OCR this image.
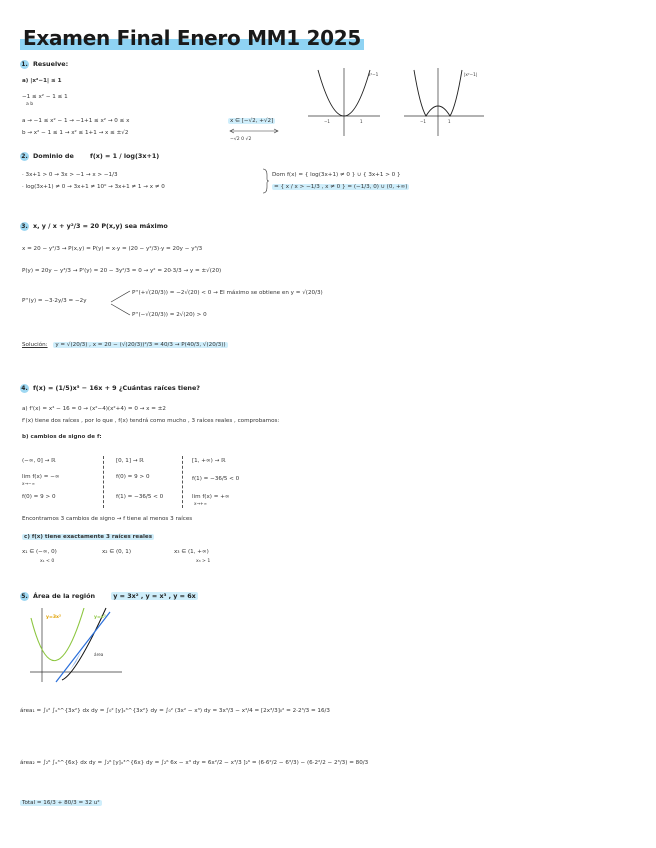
Examen Final Enero MM1 2025
1. Resuelve:
a) |x²−1| ≤ 1
−1 ≤ x² − 1 ≤ 1
a b
a → −1 ≤ x² − 1 → −1+1 ≤ x² → 0 ≤ x
b → x² − 1 ≤ 1 → x² ≤ 1+1 → x ≤ ±√2
x ∈ [−√2, +√2]
−√2 0 √2
−1	1
x²−1
−1	1
|x²−1|
2. Dominio de	f(x) = 1 / log(3x+1)
· 3x+1 > 0 → 3x > −1 → x > −1/3
· log(3x+1) ≠ 0 → 3x+1 ≠ 10⁰ → 3x+1 ≠ 1 → x ≠ 0
Dom f(x) = { log(3x+1) ≠ 0 } ∪ { 3x+1 > 0 }
= { x / x > −1/3 , x ≠ 0 } = (−1/3, 0) ∪ (0, +∞)
3. x, y / x + y²/3 = 20 P(x,y) sea máximo
x = 20 − y²/3 → P(x,y) = P(y) = x·y = (20 − y²/3)·y = 20y − y³/3
P(y) = 20y − y³/3 → P'(y) = 20 − 3y²/3 = 0 → y² = 20·3/3 → y = ±√(20)
P''(y) = −3·2y/3 = −2y
P''(+√(20/3)) = −2√(20) < 0 → El máximo se obtiene en y = √(20/3)
P''(−√(20/3)) = 2√(20) > 0
Solución: y = √(20/3) , x = 20 − (√(20/3))²/3 = 40/3 → P(40/3, √(20/3))
4. f(x) = (1/5)x⁵ − 16x + 9 ¿Cuántas raíces tiene?
a) f'(x) = x⁴ − 16 = 0 → (x²−4)(x²+4) = 0 → x = ±2
f'(x) tiene dos raíces , por lo que , f(x) tendrá como mucho , 3 raíces reales , comprobamos:
b) cambios de signo de f:
(−∞, 0] → ℝ
lim f(x) = −∞
x→−∞
f(0) = 9 > 0
[0, 1] → ℝ
f(0) = 9 > 0
f(1) = −36/5 < 0
[1, +∞) → ℝ
f(1) = −36/5 < 0
lim f(x) = +∞
x→+∞
Encontramos 3 cambios de signo → f tiene al menos 3 raíces
c) f(x) tiene exactamente 3 raíces reales
x₁ ∈ (−∞, 0)
x₁ < 0
x₂ ∈ (0, 1)	x₃ ∈ (1, +∞)
x₃ > 1
5. Área de la región	y = 3x² , y = x³ , y = 6x
y=3x²	y=x³
área
área₁ = ∫₀² ∫ₓ³^{3x²} dx dy = ∫₀² [y]ₓ³^{3x²} dy = ∫₀² (3x² − x³) dy = 3x³/3 − x⁴/4 = [2x³/3]₀² = 2·2³/3 = 16/3
área₂ = ∫₂⁶ ∫ₓ³^{6x} dx dy = ∫₂⁶ [y]ₓ³^{6x} dy = ∫₂⁶ 6x − x³ dy = 6x²/2 − x³/3 ]₂⁶ = (6·6²/2 − 6³/3) − (6·2²/2 − 2³/3) = 80/3
Total = 16/3 + 80/3 = 32 u²
